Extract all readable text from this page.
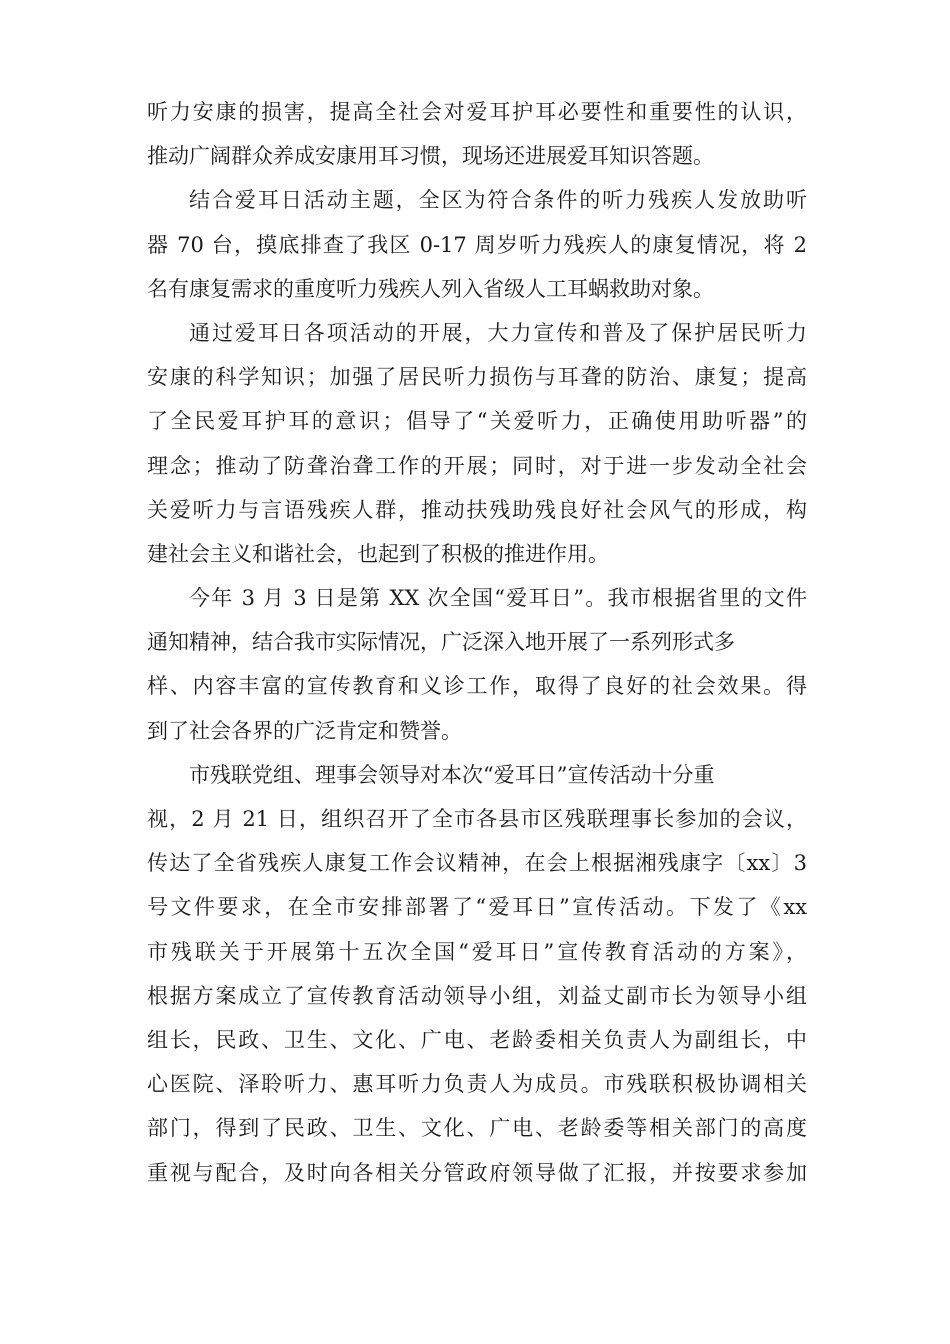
听力安康的损害，提高全社会对爱耳护耳必要性和重要性的认识，
推动广阔群众养成安康用耳习惯，现场还进展爱耳知识答题。
结合爱耳日活动主题，全区为符合条件的听力残疾人发放助听
器 70 台，摸底排查了我区 0-17 周岁听力残疾人的康复情况，将 2
名有康复需求的重度听力残疾人列入省级人工耳蜗救助对象。
通过爱耳日各项活动的开展，大力宣传和普及了保护居民听力
安康的科学知识；加强了居民听力损伤与耳聋的防治、康复；提高
了全民爱耳护耳的意识；倡导了“关爱听力，正确使用助听器”的
理念；推动了防聋治聋工作的开展；同时，对于进一步发动全社会
关爱听力与言语残疾人群，推动扶残助残良好社会风气的形成，构
建社会主义和谐社会，也起到了积极的推进作用。
今年 3 月 3 日是第 XX 次全国“爱耳日”。我市根据省里的文件
通知精神，结合我市实际情况，广泛深入地开展了一系列形式多
样、内容丰富的宣传教育和义诊工作，取得了良好的社会效果。得
到了社会各界的广泛肯定和赞誉。
市残联党组、理事会领导对本次“爱耳日”宣传活动十分重
视，2 月 21 日，组织召开了全市各县市区残联理事长参加的会议，
传达了全省残疾人康复工作会议精神，在会上根据湘残康字〔xx〕3
号文件要求，在全市安排部署了“爱耳日”宣传活动。下发了《xx
市残联关于开展第十五次全国“爱耳日”宣传教育活动的方案》，
根据方案成立了宣传教育活动领导小组，刘益丈副市长为领导小组
组长，民政、卫生、文化、广电、老龄委相关负责人为副组长，中
心医院、泽聆听力、惠耳听力负责人为成员。市残联积极协调相关
部门，得到了民政、卫生、文化、广电、老龄委等相关部门的高度
重视与配合，及时向各相关分管政府领导做了汇报，并按要求参加
